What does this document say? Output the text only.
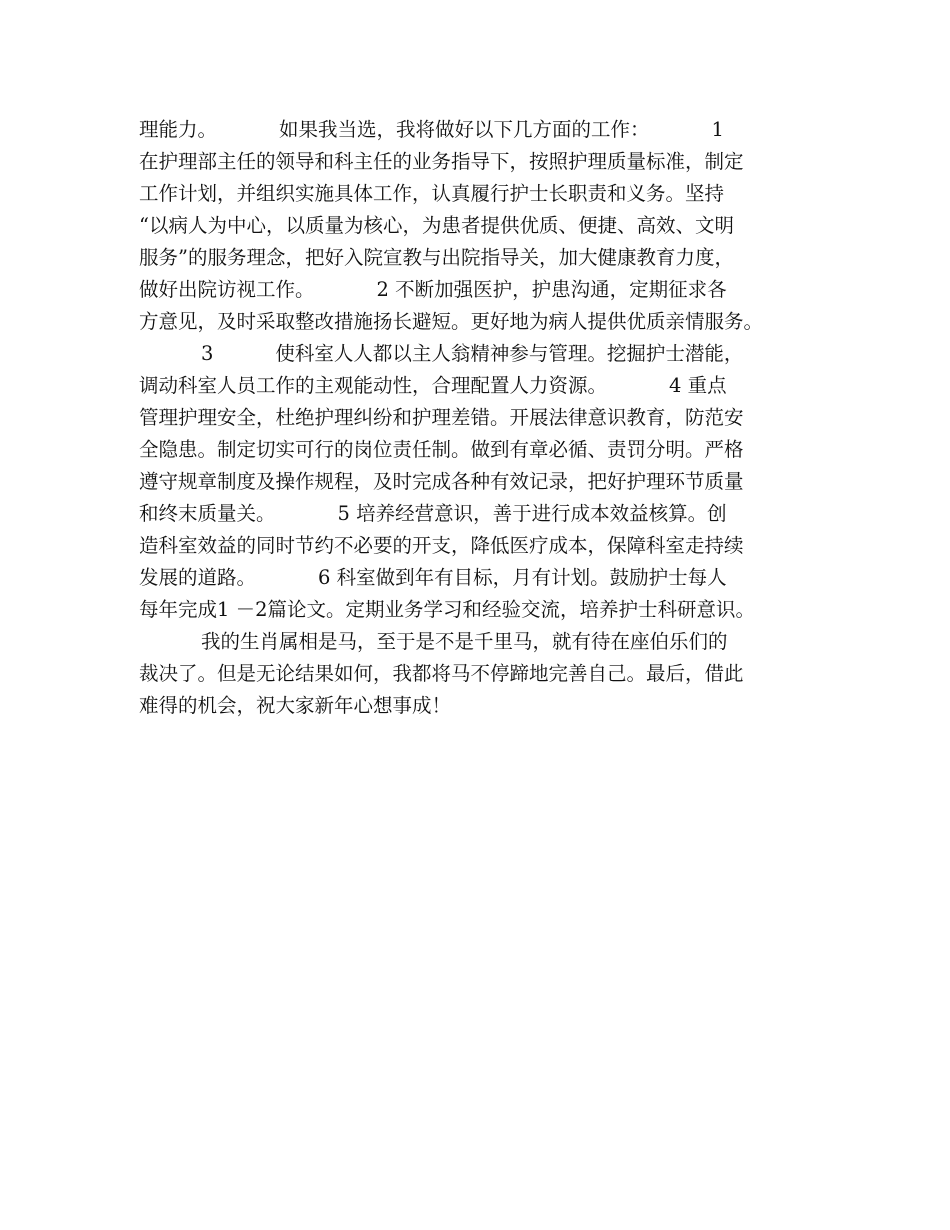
理能力。          如果我当选，我将做好以下几方面的工作：          1
在护理部主任的领导和科主任的业务指导下，按照护理质量标准，制定
工作计划，并组织实施具体工作，认真履行护士长职责和义务。坚持
“以病人为中心，以质量为核心，为患者提供优质、便捷、高效、文明
服务”的服务理念，把好入院宣教与出院指导关，加大健康教育力度，
做好出院访视工作。          2 不断加强医护，护患沟通，定期征求各
方意见，及时采取整改措施扬长避短。更好地为病人提供优质亲情服务。
3          使科室人人都以主人翁精神参与管理。挖掘护士潜能，
调动科室人员工作的主观能动性，合理配置人力资源。          4 重点
管理护理安全，杜绝护理纠纷和护理差错。开展法律意识教育，防范安
全隐患。制定切实可行的岗位责任制。做到有章必循、责罚分明。严格
遵守规章制度及操作规程，及时完成各种有效记录，把好护理环节质量
和终末质量关。          5 培养经营意识，善于进行成本效益核算。创
造科室效益的同时节约不必要的开支，降低医疗成本，保障科室走持续
发展的道路。          6 科室做到年有目标，月有计划。鼓励护士每人
每年完成1 －2篇论文。定期业务学习和经验交流，培养护士科研意识。
我的生肖属相是马，至于是不是千里马，就有待在座伯乐们的
裁决了。但是无论结果如何，我都将马不停蹄地完善自己。最后，借此
难得的机会，祝大家新年心想事成！
